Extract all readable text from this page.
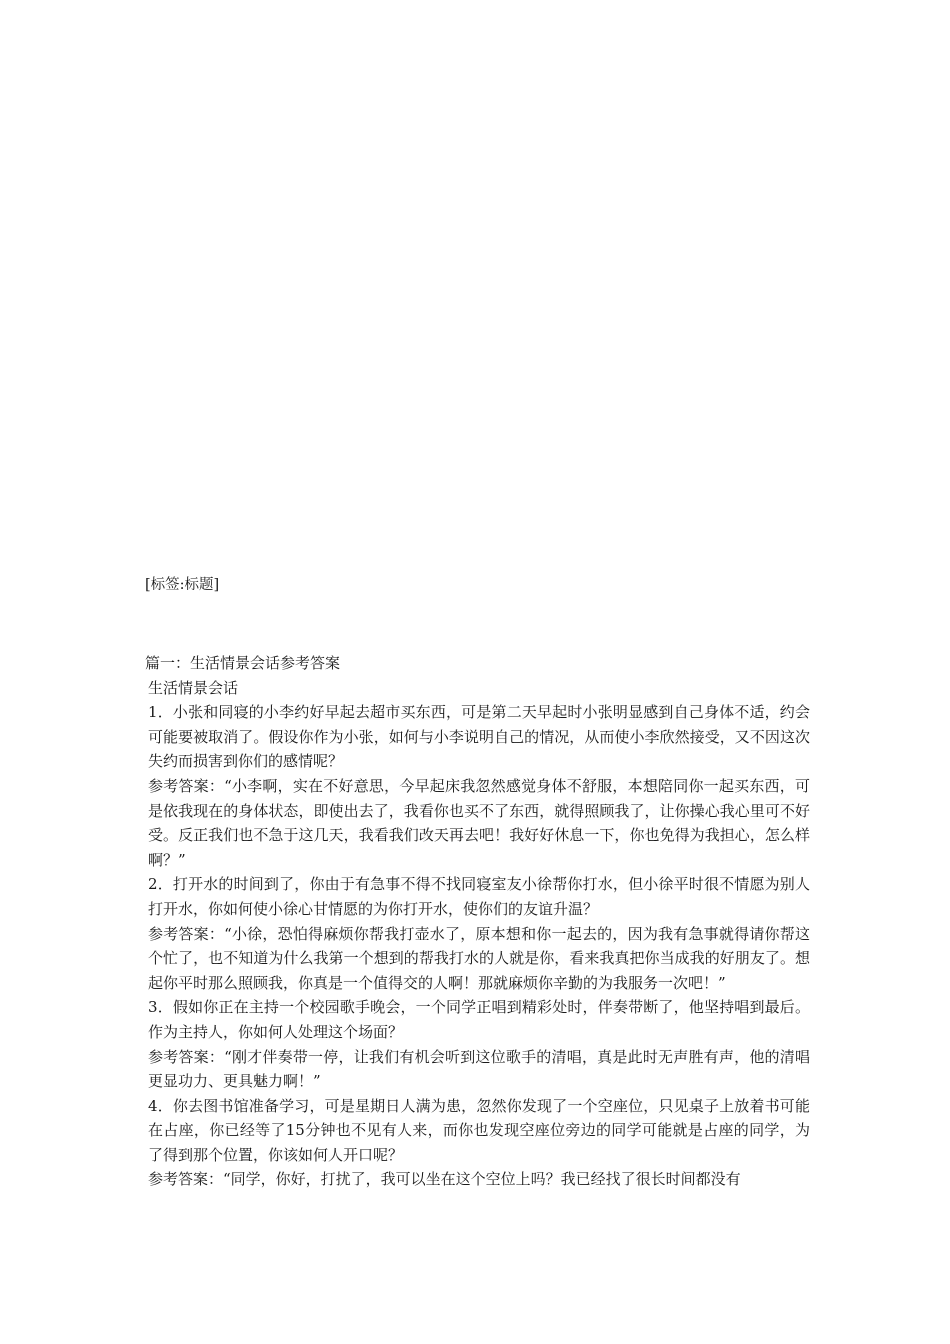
[标签:标题]

篇一：生活情景会话参考答案

生活情景会话

1．小张和同寝的小李约好早起去超市买东西，可是第二天早起时小张明显感到自己身体不适，约会可能要被取消了。假设你作为小张，如何与小李说明自己的情况，从而使小李欣然接受，又不因这次失约而损害到你们的感情呢？

参考答案：“小李啊，实在不好意思，今早起床我忽然感觉身体不舒服，本想陪同你一起买东西，可是依我现在的身体状态，即使出去了，我看你也买不了东西，就得照顾我了，让你操心我心里可不好受。反正我们也不急于这几天，我看我们改天再去吧！我好好休息一下，你也免得为我担心，怎么样啊？”

2．打开水的时间到了，你由于有急事不得不找同寝室友小徐帮你打水，但小徐平时很不情愿为别人打开水，你如何使小徐心甘情愿的为你打开水，使你们的友谊升温？

参考答案：“小徐，恐怕得麻烦你帮我打壶水了，原本想和你一起去的，因为我有急事就得请你帮这个忙了，也不知道为什么我第一个想到的帮我打水的人就是你，看来我真把你当成我的好朋友了。想起你平时那么照顾我，你真是一个值得交的人啊！那就麻烦你辛勤的为我服务一次吧！”

3．假如你正在主持一个校园歌手晚会，一个同学正唱到精彩处时，伴奏带断了，他坚持唱到最后。作为主持人，你如何人处理这个场面？

参考答案：“刚才伴奏带一停，让我们有机会听到这位歌手的清唱，真是此时无声胜有声，他的清唱更显功力、更具魅力啊！”

4．你去图书馆准备学习，可是星期日人满为患，忽然你发现了一个空座位，只见桌子上放着书可能在占座，你已经等了15分钟也不见有人来，而你也发现空座位旁边的同学可能就是占座的同学，为了得到那个位置，你该如何人开口呢？

参考答案：“同学，你好，打扰了，我可以坐在这个空位上吗？我已经找了很长时间都没有
